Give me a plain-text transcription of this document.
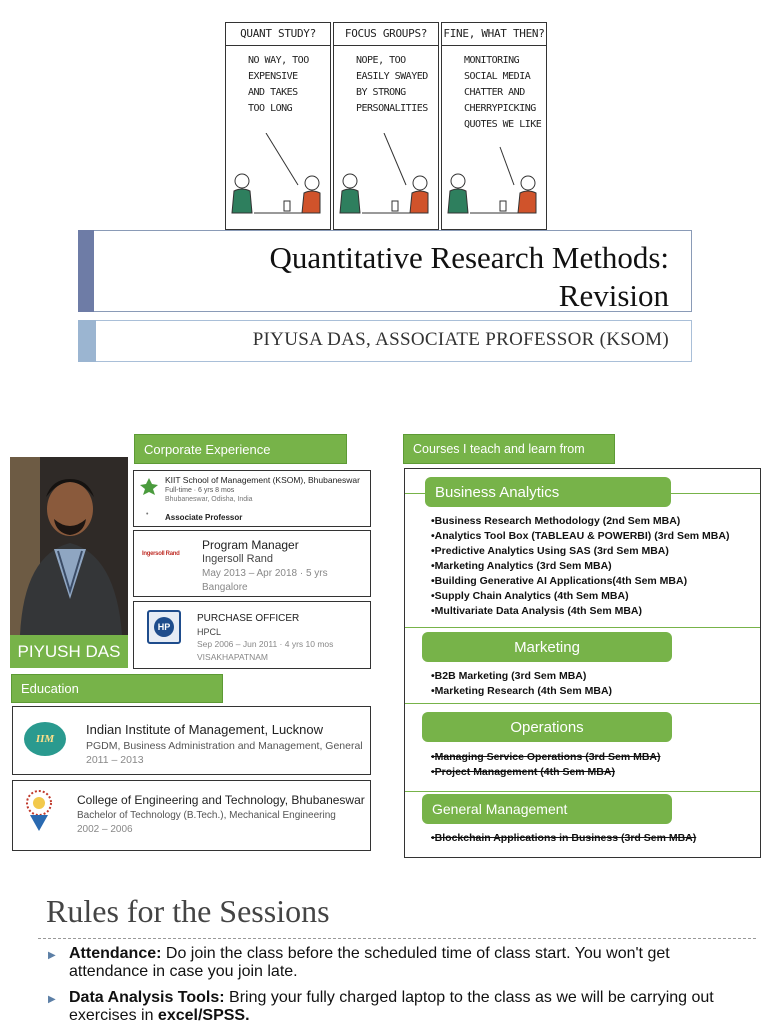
QUANT STUDY?
NO WAY, TOO
EXPENSIVE
AND TAKES
TOO LONG
FOCUS GROUPS?
NOPE, TOO
EASILY SWAYED
BY STRONG
PERSONALITIES
FINE, WHAT THEN?
MONITORING
SOCIAL MEDIA
CHATTER AND
CHERRYPICKING
QUOTES WE LIKE
Quantitative Research Methods:
Revision
PIYUSA DAS, ASSOCIATE PROFESSOR (KSOM)
Corporate Experience
PIYUSH DAS
KIIT School of Management (KSOM), Bhubaneswar
Full-time · 6 yrs 8 mos
Bhubaneswar, Odisha, India
• Associate Professor
Ingersoll Rand
Program Manager
Ingersoll Rand
May 2013 – Apr 2018 · 5 yrs
Bangalore
HP
PURCHASE OFFICER
HPCL
Sep 2006 – Jun 2011 · 4 yrs 10 mos
VISAKHAPATNAM
Education
IIM
Indian Institute of Management, Lucknow
PGDM, Business Administration and Management, General
2011 – 2013
College of Engineering and Technology, Bhubaneswar
Bachelor of Technology (B.Tech.), Mechanical Engineering
2002 – 2006
Courses I teach and learn from
Business Analytics
•Business Research Methodology (2nd Sem MBA)
•Analytics Tool Box (TABLEAU & POWERBI) (3rd Sem MBA)
•Predictive Analytics Using SAS (3rd Sem MBA)
•Marketing Analytics (3rd Sem MBA)
•Building Generative AI Applications(4th Sem MBA)
•Supply Chain Analytics (4th Sem MBA)
•Multivariate Data Analysis (4th Sem MBA)
Marketing
•B2B Marketing (3rd Sem MBA)
•Marketing Research (4th Sem MBA)
Operations
•Managing Service Operations (3rd Sem MBA)
•Project Management (4th Sem MBA)
General Management
•Blockchain Applications in Business (3rd Sem MBA)
Rules for the Sessions
▶ Attendance: Do join the class before the scheduled time of class start. You won't get attendance in case you join late.
▶ Data Analysis Tools: Bring your fully charged laptop to the class as we will be carrying out exercises in excel/SPSS.
